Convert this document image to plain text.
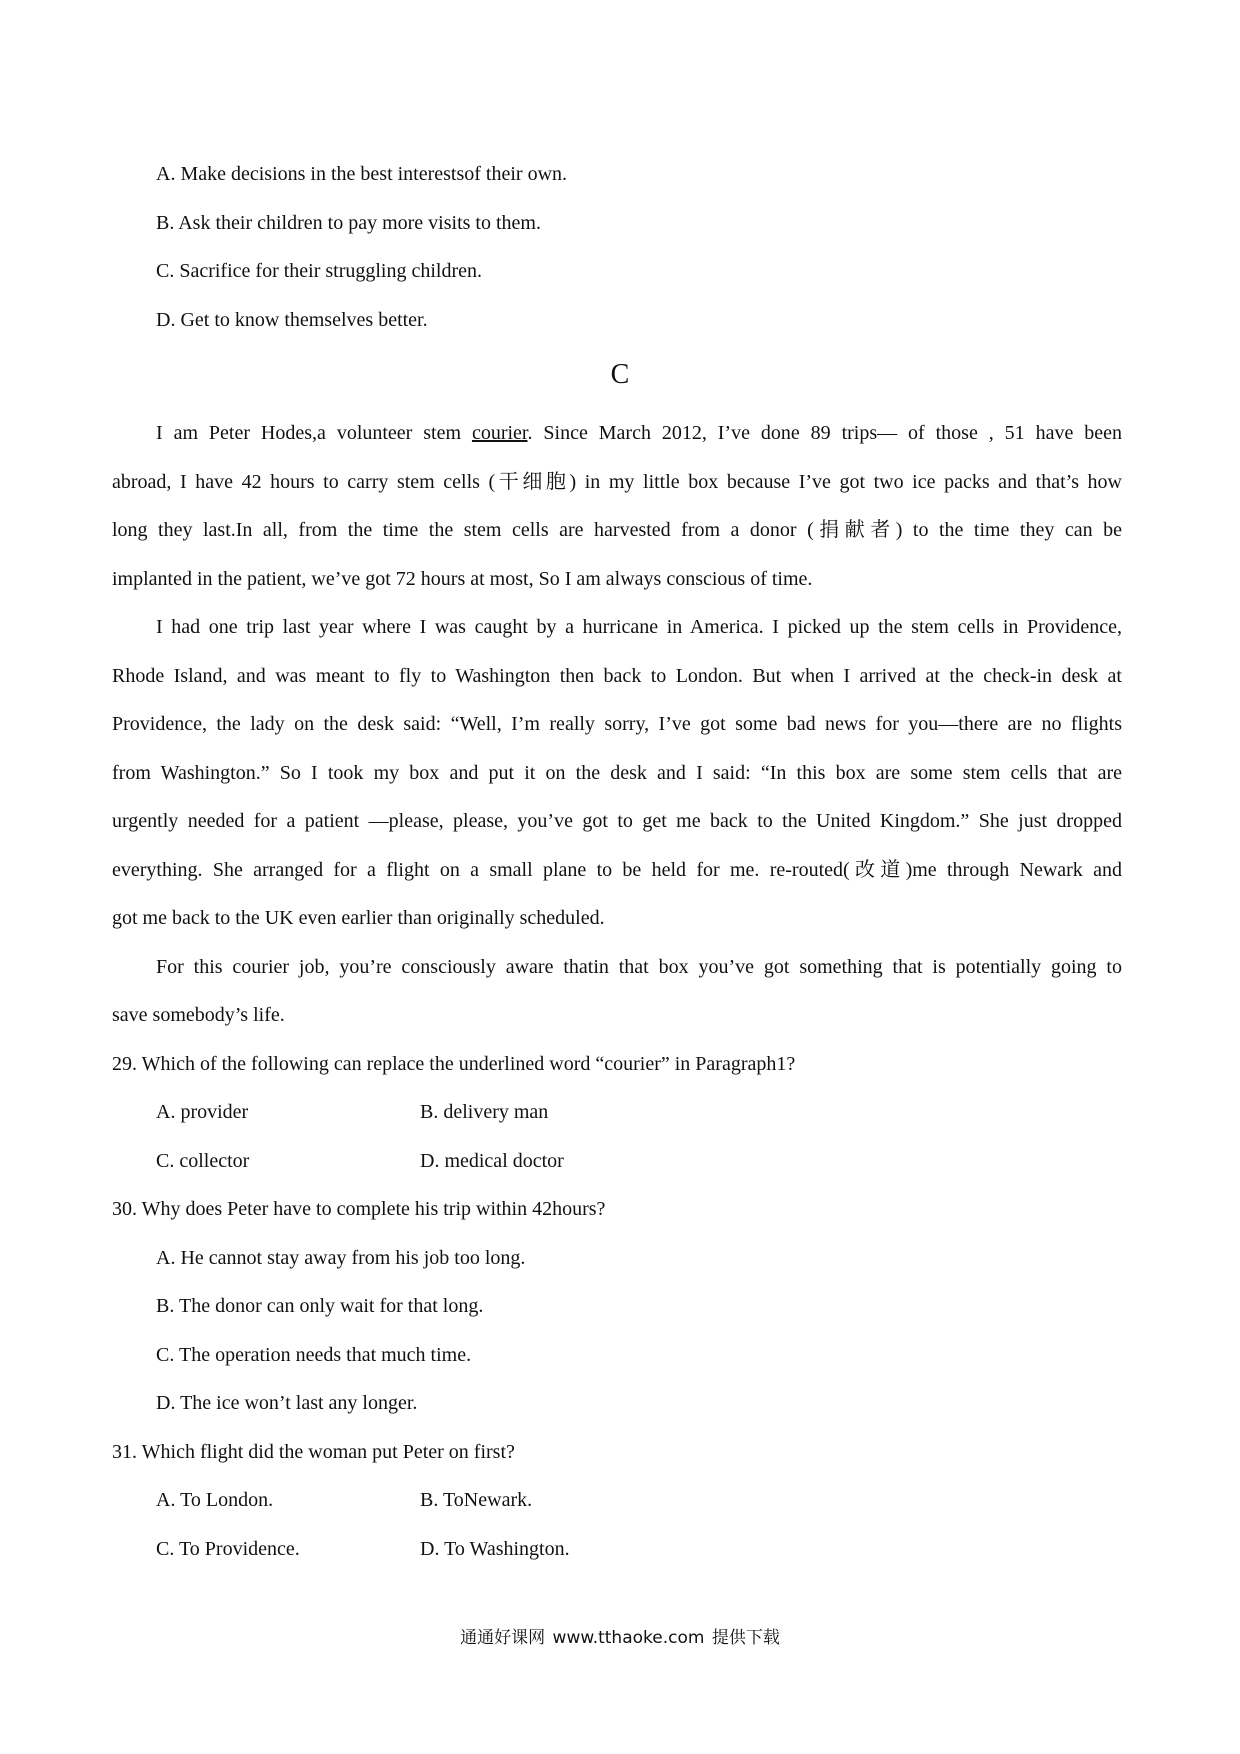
A. Make decisions in the best interestsof their own.
B. Ask their children to pay more visits to them.
C. Sacrifice for their struggling children.
D. Get to know themselves better.
C
I am Peter Hodes,a volunteer stem courier. Since March 2012, I’ve done 89 trips— of those , 51 have been
abroad, I have 42 hours to carry stem cells (干细胞) in my little box because I’ve got two ice packs and that’s how
long they last.In all, from the time the stem cells are harvested from a donor (捐献者) to the time they can be
implanted in the patient, we’ve got 72 hours at most, So I am always conscious of time.
I had one trip last year where I was caught by a hurricane in America. I picked up the stem cells in Providence,
Rhode Island, and was meant to fly to Washington then back to London. But when I arrived at the check-in desk at
Providence, the lady on the desk said: “Well, I’m really sorry, I’ve got some bad news for you—there are no flights
from Washington.” So I took my box and put it on the desk and I said: “In this box are some stem cells that are
urgently needed for a patient —please, please, you’ve got to get me back to the United Kingdom.” She just dropped
everything. She arranged for a flight on a small plane to be held for me. re-routed(改道)me through Newark and
got me back to the UK even earlier than originally scheduled.
For this courier job, you’re consciously aware thatin that box you’ve got something that is potentially going to
save somebody’s life.
29. Which of the following can replace the underlined word “courier” in Paragraph1?
A. provider	B. delivery man
C. collector	D. medical doctor
30. Why does Peter have to complete his trip within 42hours?
A. He cannot stay away from his job too long.
B. The donor can only wait for that long.
C. The operation needs that much time.
D. The ice won’t last any longer.
31. Which flight did the woman put Peter on first?
A. To London.	B. ToNewark.
C. To Providence.	D. To Washington.
通通好课网 www.tthaoke.com 提供下载
